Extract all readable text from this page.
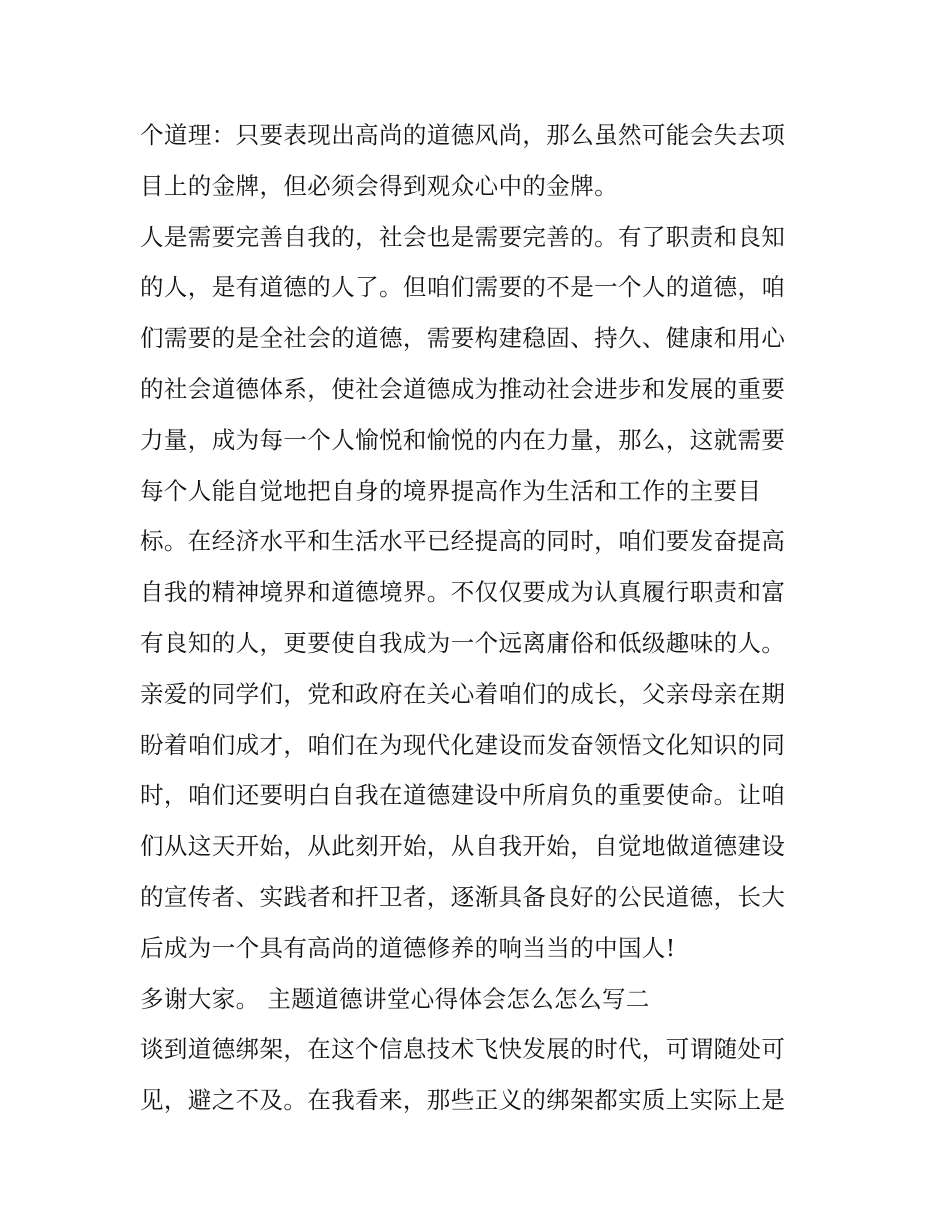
个道理：只要表现出高尚的道德风尚，那么虽然可能会失去项
目上的金牌，但必须会得到观众心中的金牌。
人是需要完善自我的，社会也是需要完善的。有了职责和良知
的人，是有道德的人了。但咱们需要的不是一个人的道德，咱
们需要的是全社会的道德，需要构建稳固、持久、健康和用心
的社会道德体系，使社会道德成为推动社会进步和发展的重要
力量，成为每一个人愉悦和愉悦的内在力量，那么，这就需要
每个人能自觉地把自身的境界提高作为生活和工作的主要目
标。在经济水平和生活水平已经提高的同时，咱们要发奋提高
自我的精神境界和道德境界。不仅仅要成为认真履行职责和富
有良知的人，更要使自我成为一个远离庸俗和低级趣味的人。
亲爱的同学们，党和政府在关心着咱们的成长，父亲母亲在期
盼着咱们成才，咱们在为现代化建设而发奋领悟文化知识的同
时，咱们还要明白自我在道德建设中所肩负的重要使命。让咱
们从这天开始，从此刻开始，从自我开始，自觉地做道德建设
的宣传者、实践者和扞卫者，逐渐具备良好的公民道德，长大
后成为一个具有高尚的道德修养的响当当的中国人!
多谢大家。 主题道德讲堂心得体会怎么怎么写二
谈到道德绑架，在这个信息技术飞快发展的时代，可谓随处可
见，避之不及。在我看来，那些正义的绑架都实质上实际上是
